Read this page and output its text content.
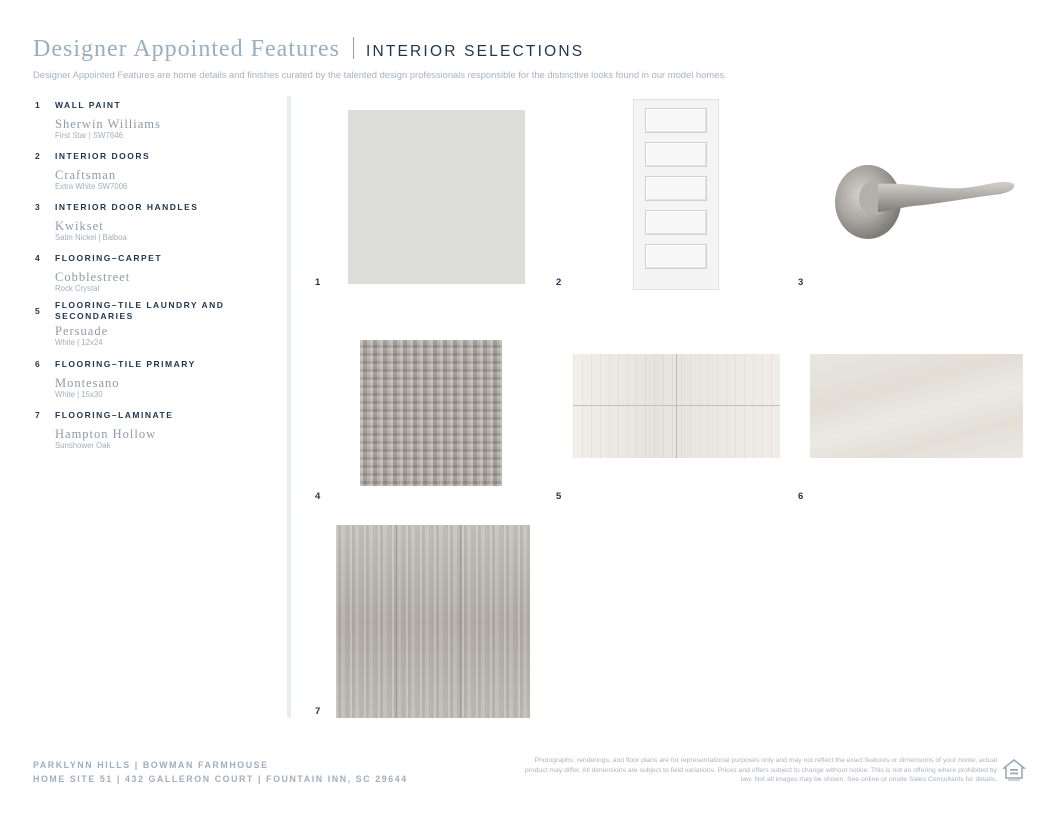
Designer Appointed Features INTERIOR SELECTIONS
Designer Appointed Features are home details and finishes curated by the talented design professionals responsible for the distinctive looks found in our model homes.
1 WALL PAINT
Sherwin Williams
First Star | SW7646
2 INTERIOR DOORS
Craftsman
Extra White SW7006
3 INTERIOR DOOR HANDLES
Kwikset
Satin Nickel | Balboa
4 FLOORING–CARPET
Cobblestreet
Rock Crystal
5
FLOORING–TILE LAUNDRY AND SECONDARIES
Persuade
White | 12x24
6 FLOORING–TILE PRIMARY
Montesano
White | 15x30
7 FLOORING–LAMINATE
Hampton Hollow
Sunshower Oak
1	2	3
4	5	6
7
PARKLYNN HILLS | BOWMAN FARMHOUSE
HOME SITE 51 | 432 GALLERON COURT | FOUNTAIN INN, SC 29644
Photographs, renderings, and floor plans are for representational purposes only and may not reflect the exact features or dimensions of your home; actual product may differ. All dimensions are subject to field variations. Prices and offers subject to change without notice. This is not an offering where prohibited by law. Not all images may be shown. See online or onsite Sales Consultants for details.
